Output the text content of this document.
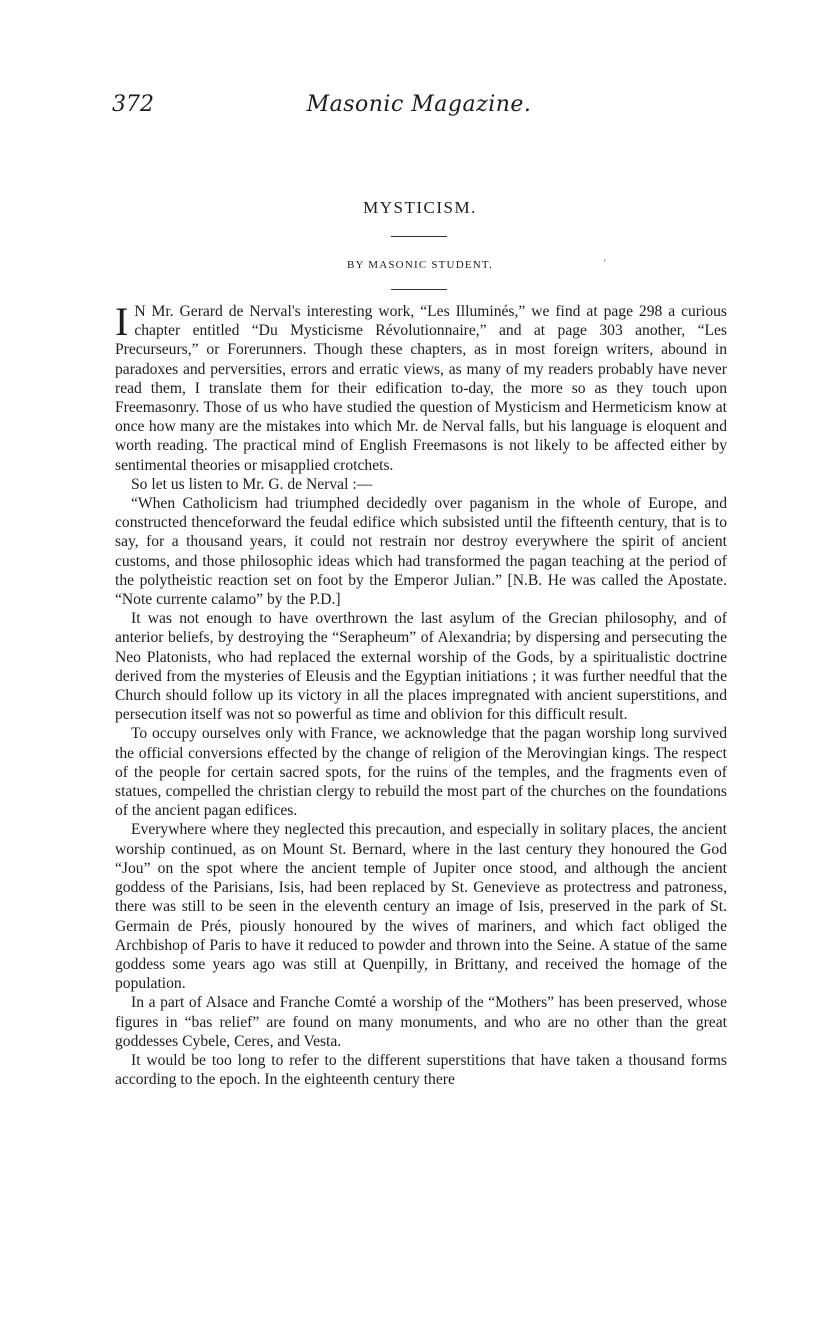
372	Masonic Magazine.
MYSTICISM.
BY MASONIC STUDENT.	'

I N Mr. Gerard de Nerval's interesting work, “Les Illuminés,” we find at page 298 a curious chapter entitled “Du Mysticisme Révolutionnaire,” and at page 303 another, “Les Precurseurs,” or Forerunners. Though these chapters, as in most foreign writers, abound in paradoxes and perversities, errors and erratic views, as many of my readers probably have never read them, I translate them for their edification to-day, the more so as they touch upon Freemasonry. Those of us who have studied the question of Mysticism and Hermeticism know at once how many are the mistakes into which Mr. de Nerval falls, but his language is eloquent and worth reading. The practical mind of English Freemasons is not likely to be affected either by sentimental theories or misapplied crotchets.

So let us listen to Mr. G. de Nerval :—

“When Catholicism had triumphed decidedly over paganism in the whole of Europe, and constructed thenceforward the feudal edifice which subsisted until the fifteenth century, that is to say, for a thousand years, it could not restrain nor destroy everywhere the spirit of ancient customs, and those philosophic ideas which had transformed the pagan teaching at the period of the polytheistic reaction set on foot by the Emperor Julian.” [N.B. He was called the Apostate. “Note currente calamo” by the P.D.]

It was not enough to have overthrown the last asylum of the Grecian philosophy, and of anterior beliefs, by destroying the “Serapheum” of Alexandria; by dispersing and persecuting the Neo Platonists, who had replaced the external worship of the Gods, by a spiritualistic doctrine derived from the mysteries of Eleusis and the Egyptian initiations ; it was further needful that the Church should follow up its victory in all the places impregnated with ancient superstitions, and persecution itself was not so powerful as time and oblivion for this difficult result.

To occupy ourselves only with France, we acknowledge that the pagan worship long survived the official conversions effected by the change of religion of the Merovingian kings. The respect of the people for certain sacred spots, for the ruins of the temples, and the fragments even of statues, compelled the christian clergy to rebuild the most part of the churches on the foundations of the ancient pagan edifices.

Everywhere where they neglected this precaution, and especially in solitary places, the ancient worship continued, as on Mount St. Bernard, where in the last century they honoured the God “Jou” on the spot where the ancient temple of Jupiter once stood, and although the ancient goddess of the Parisians, Isis, had been replaced by St. Genevieve as protectress and patroness, there was still to be seen in the eleventh century an image of Isis, preserved in the park of St. Germain de Prés, piously honoured by the wives of mariners, and which fact obliged the Archbishop of Paris to have it reduced to powder and thrown into the Seine. A statue of the same goddess some years ago was still at Quenpilly, in Brittany, and received the homage of the population.

In a part of Alsace and Franche Comté a worship of the “Mothers” has been preserved, whose figures in “bas relief” are found on many monuments, and who are no other than the great goddesses Cybele, Ceres, and Vesta.

It would be too long to refer to the different superstitions that have taken a thousand forms according to the epoch. In the eighteenth century there
